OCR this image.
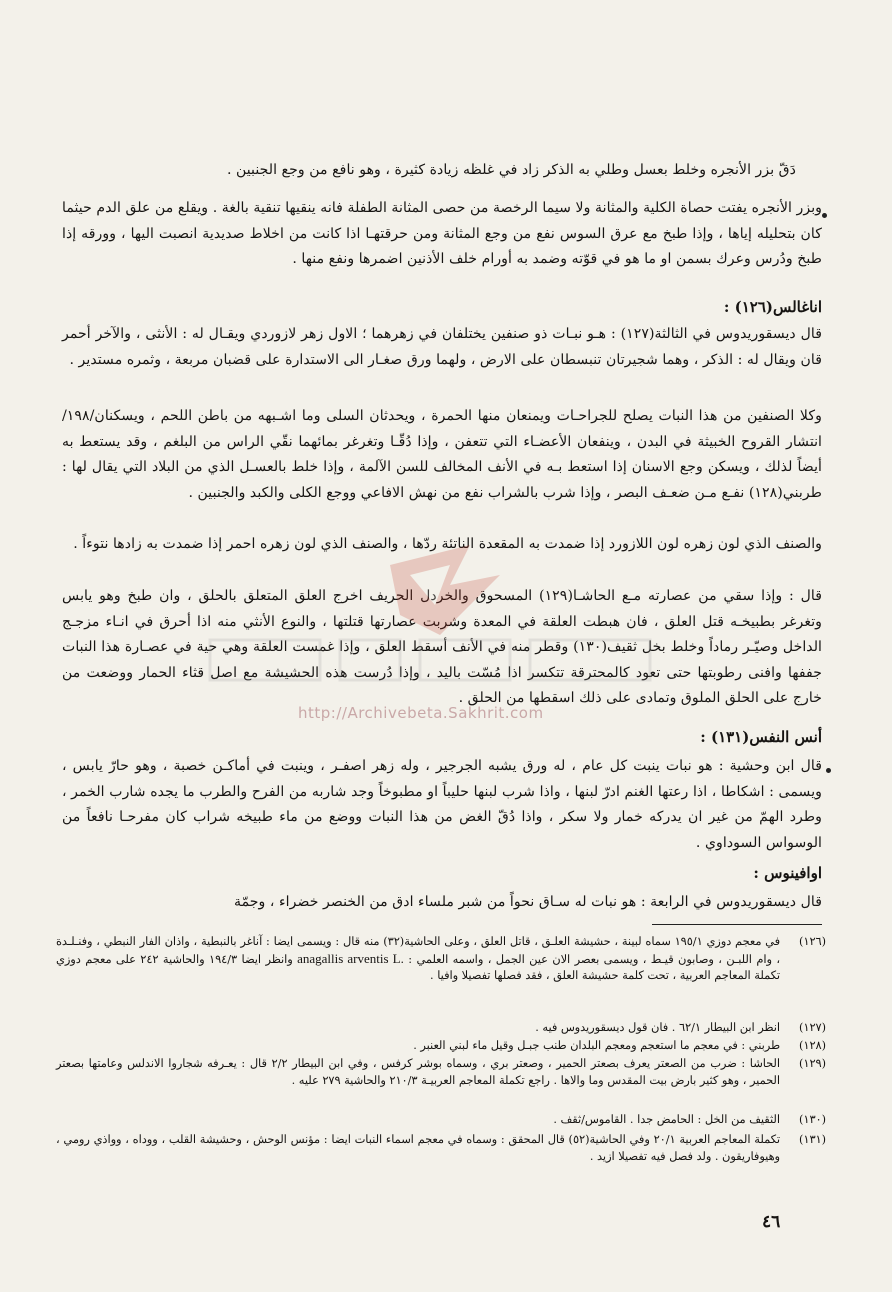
دَ‌قّ بزر الأنجره وخلط بعسل وطلي به الذكر زاد في غلظه زيادة كثيرة ، وهو نافع من وجع الجنبين .

وبزر الأنجره يفتت حصاة الكلية والمثانة ولا سيما الرخصة من حصى المثانة الطفلة فانه ينقيها تنقية بالغة . ويقلع من علق الدم حيثما كان بتحليله إياها ، وإذا طبخ مع عرق السوس نفع من وجع المثانة ومن حرقتهـا اذا كانت من اخلاط صديدية انصبت اليها ، وورقه إذا طبخ ودُرس وعرك بسمن او ما هو في قوّته وضمد به أورام خلف الأذنين اضمرها ونفع منها .

اناغالس(١٢٦) :

قال ديسقوريدوس في الثالثة(١٢٧) : هـو نبـات ذو صنفين يختلفان في زهرهما ؛ الاول زهر لازوردي ويقـال له : الأنثى ، والآخر أحمر قان ويقال له : الذكر ، وهما شجيرتان تنبسطان على الارض ، ولهما ورق صغـار الى الاستدارة على قضبان مربعة ، وثمره مستدير .

وكلا الصنفين من هذا النبات يصلح للجراحـات ويمنعان منها الحمرة ، ويحدثان السلى وما اشـبهه من باطن اللحم ، ويسكنان/١٩٨/انتشار القروح الخبيثة في البدن ، وينفعان الأعضـاء التي تتعفن ، وإذا دُقّـا وتغرغر بمائهما نقّي الراس من البلغم ، وقد يستعط به أيضاً لذلك ، ويسكن وجع الاسنان إذا استعط بـه في الأنف المخالف للسن الآلمة ، وإذا خلط بالعسـل الذي من البلاد التي يقال لها : طربني(١٢٨) نفـع مـن ضعـف البصر ، وإذا شرب بالشراب نفع من نهش الافاعي ووجع الكلى والكبد والجنبين .

والصنف الذي لون زهره لون اللازورد إذا ضمدت به المقعدة الناتئة ردّها ، والصنف الذي لون زهره احمر إذا ضمدت به زادها نتوءاً .

قال : وإذا سقي من عصارته مـع الحاشـا(١٢٩) المسحوق والخردل الحريف اخرج العلق المتعلق بالحلق ، وان طبخ وهو يابس وتغرغر بطبيخـه قتل العلق ، فان هبطت العلقة في المعدة وشربت عصارتها قتلتها ، والنوع الأنثي منه اذا أحرق في انـاء مزجـج الداخل وصيّـر رماداً وخلط بخل ثقيف(١٣٠) وقطر منه في الأنف أسقط العلق ، وإذا غمست العلقة وهي حية في عصـارة هذا النبات جففها وافنى رطوبتها حتى تعود كالمحترقة تتكسر اذا مُسّت باليد ، وإذا دُرست هذه الحشيشة مع اصل قثاء الحمار ووضعت من خارج على الحلق الملوق وتمادى على ذلك اسقطها من الحلق .

http://Archivebeta.Sakhrit.com
أنس النفس(١٣١) :

قال ابن وحشية : هو نبات ينبت كل عام ، له ورق يشبه الجرجير ، وله زهر اصفـر ، وينبت في أماكـن خصبة ، وهو حارّ يابس ، ويسمى : اشكاطا ، اذا رعتها الغنم ادرّ لبنها ، واذا شرب لبنها حليباً او مطبوخاً وجد شاربه من الفرح والطرب ما يجده شارب الخمر ، وطرد الهمّ من غير ان يدركه خمار ولا سكر ، واذا دُقّ الغض من هذا النبات ووضع من ماء طبيخه شراب كان مفرحـا نافعاً من الوسواس السوداوي .

اوافينوس :

قال ديسقوريدوس في الرابعة : هو نبات له سـاق نحواً من شبر ملساء ادق من الخنصر خضراء ، وجمّة

(١٢٦)
في معجم دوزي ١٩٥/١ سماه لبينة ، حشيشة العلـق ، قاتل العلق ، وعلى الحاشية(٣٢) منه قال : ويسمى ايضا : آناغر بالنبطية ، واذان الفار النبطي ، وفنـلـدة ، وام اللبـن ، وصابون قيـط ، ويسمى بعصر الان عين الجمل ، واسمه العلمي : anagallis arventis L. وانظر ايضا ١٩٤/٣ والحاشية ٢٤٢ على معجم دوزي تكملة المعاجم العربية ، تحت كلمة حشيشة العلق ، فقد فصلها تفصيلا وافيا .
(١٢٧)
انظر ابن البيطار ٦٢/١ . فان قول ديسقوريدوس فيه .
(١٢٨)
طربني : في معجم ما استعجم ومعجم البلدان طنب جبـل وقيل ماء لبني العنبر .
(١٢٩)
الحاشا : ضرب من الصعتر يعرف بصعتر الحمير ، وصعتر بري ، وسماه بوشر كرفس ، وفي ابن البيطار ٢/٢ قال : يعـرفه شجاروا الاندلس وعامتها بصعتر الحمير ، وهو كثير بارض بيت المقدس وما والاها . راجع تكملة المعاجم العربيـة ٢١٠/٣ والحاشية ٢٧٩ عليه .
(١٣٠)
الثقيف من الخل : الحامض جدا . القاموس/ثقف .
(١٣١)
تكملة المعاجم العربية ٢٠/١ وفي الحاشية(٥٢) قال المحقق : وسماه في معجم اسماء النبات ايضا : مؤنس الوحش ، وحشيشة القلب ، ووداه ، وواذي رومي ، وهيوفاريقون . ولد فصل فيه تفصيلا ازيد .
٤٦
